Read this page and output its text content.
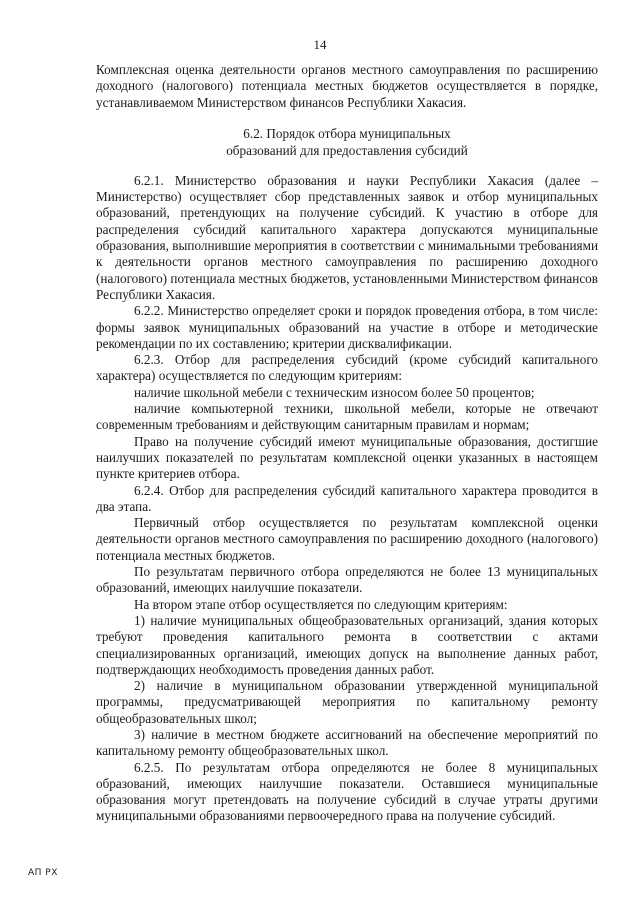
14

Комплексная оценка деятельности органов местного самоуправления по расширению доходного (налогового) потенциала местных бюджетов осуществляется в порядке, устанавливаемом Министерством финансов Республики Хакасия.

6.2. Порядок отбора муниципальных
образований для предоставления субсидий

6.2.1. Министерство образования и науки Республики Хакасия (далее – Министерство) осуществляет сбор представленных заявок и отбор муниципальных образований, претендующих на получение субсидий. К участию в отборе для распределения субсидий капитального характера допускаются муниципальные образования, выполнившие мероприятия в соответствии с минимальными требованиями к деятельности органов местного самоуправления по расширению доходного (налогового) потенциала местных бюджетов, установленными Министерством финансов Республики Хакасия.

6.2.2. Министерство определяет сроки и порядок проведения отбора, в том числе: формы заявок муниципальных образований на участие в отборе и методические рекомендации по их составлению; критерии дисквалификации.

6.2.3. Отбор для распределения субсидий (кроме субсидий капитального характера) осуществляется по следующим критериям:

наличие школьной мебели с техническим износом более 50 процентов;

наличие компьютерной техники, школьной мебели, которые не отвечают современным требованиям и действующим санитарным правилам и нормам;

Право на получение субсидий имеют муниципальные образования, достигшие наилучших показателей по результатам комплексной оценки указанных в настоящем пункте критериев отбора.

6.2.4. Отбор для распределения субсидий капитального характера проводится в два этапа.

Первичный отбор осуществляется по результатам комплексной оценки деятельности органов местного самоуправления по расширению доходного (налогового) потенциала местных бюджетов.

По результатам первичного отбора определяются не более 13 муниципальных образований, имеющих наилучшие показатели.

На втором этапе отбор осуществляется по следующим критериям:

1) наличие муниципальных общеобразовательных организаций, здания которых требуют проведения капитального ремонта в соответствии с актами специализированных организаций, имеющих допуск на выполнение данных работ, подтверждающих необходимость проведения данных работ.

2) наличие в муниципальном образовании утвержденной муниципальной программы, предусматривающей мероприятия по капитальному ремонту общеобразовательных школ;

3) наличие в местном бюджете ассигнований на обеспечение мероприятий по капитальному ремонту общеобразовательных школ.

6.2.5. По результатам отбора определяются не более 8 муниципальных образований, имеющих наилучшие показатели. Оставшиеся муниципальные образования могут претендовать на получение субсидий в случае утраты другими муниципальными образованиями первоочередного права на получение субсидий.

АП РХ
